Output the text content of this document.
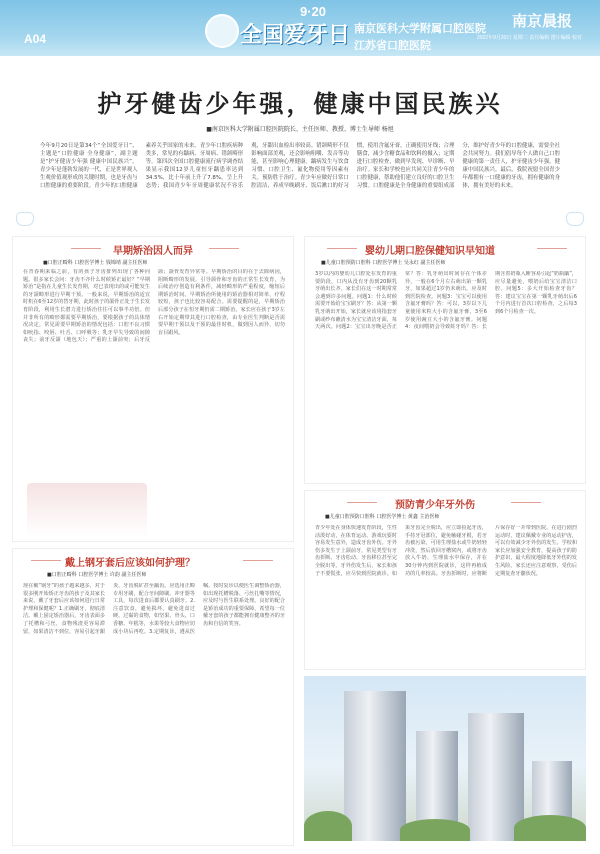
A04
9·20
全国爱牙日 南京医科大学附属口腔医院
江苏省口腔医院
南京晨报
2022年9月20日 星期二 责任编辑 图片编辑 校对
护牙健齿少年强，健康中国民族兴
■南京医科大学附属口腔医院院长、主任医师、教授、博士生导师 杨旭
今年9月20日是第34个“全国爱牙日”，主题是“口腔健康 全身健康”，副主题是“护牙健齿少年强 健康中国民族兴”。青少年是蓬勃发展的一代，正是世界观人生观价值观形成的关键时期，也是牙齿与口腔健康的重要阶段。青少年的口腔健康素养关乎国家的未来。青少年口腔疾病种类多，常见的有龋病、牙周病、错颌畸形等。第四次全国口腔健康流行病学调查结果显示我国12岁儿童恒牙龋患率达到34.5%，比十年前上升了7.8%，呈上升态势；我国青少年牙周健康状况不容乐观，牙龈出血检出率较高。错颌畸形不仅影响面部美观，还会影响咀嚼、发音等功能，甚至影响心理健康。龋病发生与饮食习惯、口腔卫生、氟化物使用等因素有关。预防胜于治疗。青少年应做好日常口腔清洁，养成早晚刷牙、饭后漱口的好习惯，使用含氟牙膏，正确使用牙线；合理膳食，减少含糖食品和饮料的摄入；定期进行口腔检查，做到早发现、早诊断、早治疗。家长和学校也应共同关注青少年的口腔健康，帮助他们建立良好的口腔卫生习惯。口腔健康是全身健康的重要组成部分，维护好青少年的口腔健康，需要全社会共同努力。我们倡导每个人做自己口腔健康的第一责任人，护牙健齿少年强，健康中国民族兴。最后，我院祝愿全国青少年都拥有一口健康的牙齿，拥有健康的身体，拥有美好的未来。
早期矫治因人而异
■口腔正畸科 口腔医学博士 钱锦靖 副主任医师
在青春期来临之前，有的孩子牙齿排列出现了各种问题。很多家长会问：牙齿不齐什么时候矫正最好？“早期矫治”是指在儿童生长发育期，对已表现出的或可能发生的牙颌畸形进行早期干预。一般来说，早期矫治的适宜时机在6至12岁的替牙期，此时孩子的颌骨正处于生长发育阶段，利用生长潜力进行矫治往往可以事半功倍。但并非所有的畸形都需要早期矫治，要根据孩子的具体情况决定。常见需要早期矫治的情况包括：口腔不良习惯如吮指、咬唇、吐舌、口呼吸等；乳牙早失导致的间隙丧失；前牙反颌（地包天）；严重的上颌前突；后牙反颌；颌骨发育异常等。早期矫治的目的在于去除病因，阻断畸形的发展，引导颌骨和牙齿的正常生长发育，为后续治疗创造有利条件，减轻畸形的严重程度，缩短后期矫治时间。早期矫治所使用的矫治器相对简单，疗程较短，孩子也比较容易配合。需要提醒的是，早期矫治后部分孩子在恒牙期仍需二期矫治。家长应在孩子3岁左右开始定期带其进行口腔检查，由专业医生判断是否需要早期干预以及干预的最佳时机，做到因人而异，切勿盲目跟风。
婴幼儿期口腔保健知识早知道
■儿童口腔预防口腔科 口腔医学博士 吴永红 副主任医师
3岁以内的婴幼儿口腔处在发育的重要阶段，口内从没有牙齿到20颗乳牙萌出长齐。家长们在这一时期常常会遇到许多问题。问题1：什么时候需要开始给宝宝刷牙？答：从第一颗乳牙萌出开始，家长就应该用指套牙刷或纱布蘸清水为宝宝清洁牙面，每天两次。问题2：宝宝出牙晚是否正常？答：乳牙萌出时间存在个体差异，一般在6个月左右萌出第一颗乳牙，如果超过1岁仍未萌出，应及时到医院检查。问题3：宝宝可以使用含氟牙膏吗？答：可以，3岁以下儿童使用米粒大小的含氟牙膏，3至6岁使用豌豆大小的含氟牙膏。问题4：夜间喂奶会导致蛀牙吗？答：长期含着奶瓶入睡容易引起“奶瓶龋”，应尽量避免，喂奶后给宝宝清洁口腔。问题5：多大开始检查牙齿？答：建议宝宝在第一颗乳牙萌出后6个月内进行首次口腔检查，之后每3到6个月检查一次。
预防青少年牙外伤
■儿童口腔预防口腔科 口腔医学博士 黄鑫 主治医师
青少年处在身体快速发育阶段，生性活泼好动，在体育运动、游戏玩耍时容易发生意外，造成牙齿外伤。牙外伤多发生于上颌前牙，常见类型有牙齿折断、牙齿松动、牙齿移位甚至完全脱出等。牙外伤发生后，家长和孩子不要慌张，应尽快到医院就诊。如果牙齿完全脱出，应立即捡起牙齿，手持牙冠部位，避免触碰牙根，若牙齿被污染，可用生理盐水或牛奶轻轻冲洗，然后放回牙槽窝内，或将牙齿放入牛奶、生理盐水中保存，并在30分钟内到医院就诊，这样再植成功的几率较高。牙齿折断时，应将断片保存好一并带到医院。在进行剧烈运动时，建议佩戴专业的运动护齿，可以有效减少牙外伤的发生。学校和家长应加强安全教育，提高孩子的防护意识，最大程度地降低牙外伤的发生风险。家长还应注意观察，受伤后定期复查牙髓状况。
戴上钢牙套后应该如何护理？
■口腔正畸科 口腔医学博士 许韵 副主任医师
现在戴“钢牙”的孩子越来越多，对于很多刚开始矫正牙齿的孩子及其家长来说，戴了牙套后应该如何进行日常护理和保健呢？1.正确刷牙，彻底清洁。戴上固定矫治器后，牙齿表面多了托槽和弓丝，食物残渣更容易滞留，如果清洁不到位，容易引起牙龈炎、牙齿脱矿甚至龋齿。应选用正畸专用牙刷，配合牙间隙刷、冲牙器等工具，每次进食后都要认真刷牙。2.注意饮食，避免损坏。避免进食过硬、过黏的食物，如坚果、骨头、口香糖、年糕等，水果等较大食物应切成小块后再吃。3.定期复诊，遵从医嘱。按时复诊以便医生调整矫治器，如出现托槽脱落、弓丝扎嘴等情况，应及时与医生联系处理。良好的配合是矫治成功的重要保障，希望每一位戴牙套的孩子都能拥有健康整齐的牙齿和自信的笑容。
